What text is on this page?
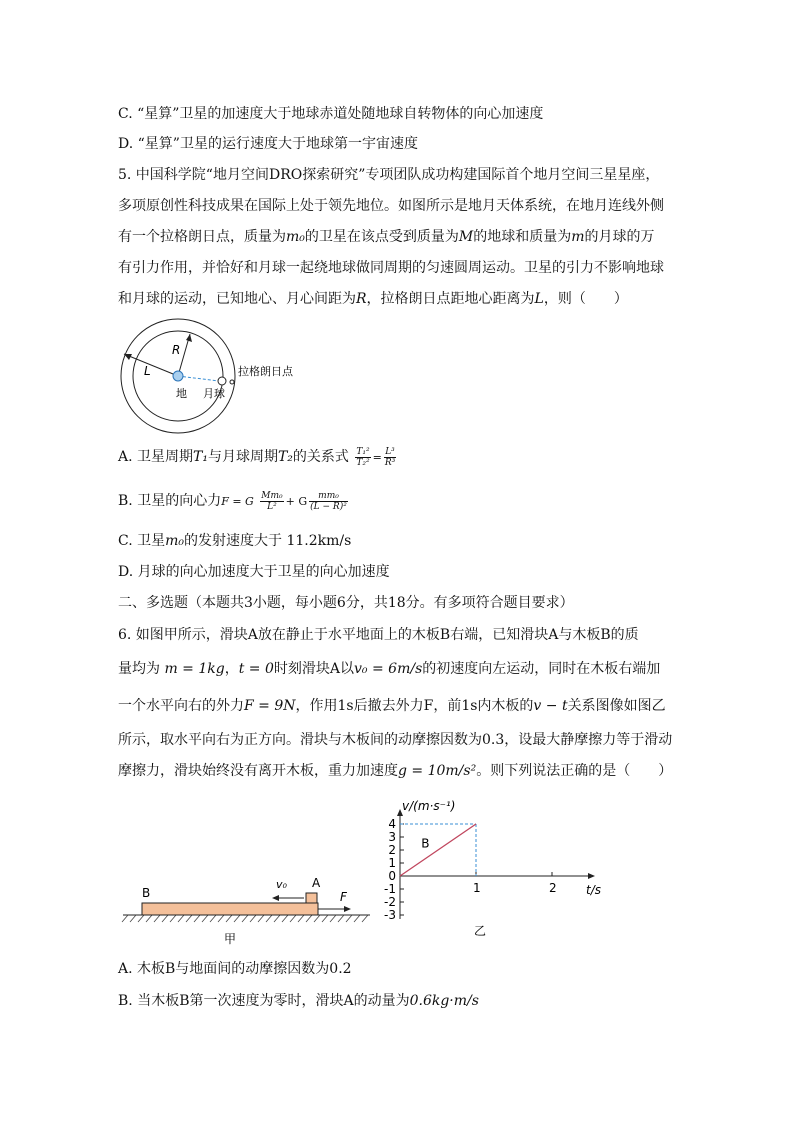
C. “星算”卫星的加速度大于地球赤道处随地球自转物体的向心加速度
D. “星算”卫星的运行速度大于地球第一宇宙速度
5. 中国科学院“地月空间DRO探索研究”专项团队成功构建国际首个地月空间三星星座，
多项原创性科技成果在国际上处于领先地位。如图所示是地月天体系统，在地月连线外侧
有一个拉格朗日点，质量为m₀的卫星在该点受到质量为M的地球和质量为m的月球的万
有引力作用，并恰好和月球一起绕地球做同周期的匀速圆周运动。卫星的引力不影响地球
和月球的运动，已知地心、月心间距为R，拉格朗日点距地心距离为L，则（　　）
R
L
地 月球
拉格朗日点
A. 卫星周期T₁与月球周期T₂的关系式 $\frac{\text{T₁²}}{\text{T₂²}} = \frac{\text{L³}}{\text{R³}}$
B. 卫星的向心力F = G $\frac{\text{Mm₀}}{\text{L²}} + G \frac{\text{mm₀}}{\text{(L − R)²}}$
C. 卫星m₀的发射速度大于 11.2km/s
D. 月球的向心加速度大于卫星的向心加速度
二、多选题（本题共3小题，每小题6分，共18分。有多项符合题目要求）
6. 如图甲所示，滑块A放在静止于水平地面上的木板B右端，已知滑块A与木板B的质
量均为 m = 1kg，t = 0时刻滑块A以v₀ = 6m/s的初速度向左运动，同时在木板右端加
一个水平向右的外力F = 9N，作用1s后撤去外力F，前1s内木板的v − t关系图像如图乙
所示，取水平向右为正方向。滑块与木板间的动摩擦因数为0.3，设最大静摩擦力等于滑动
摩擦力，滑块始终没有离开木板，重力加速度g = 10m/s²。则下列说法正确的是（　　）
B
A
v₀
F
甲
v/(m·s⁻¹)
t/s
4
3
2
1
0
-1
-2
-3
1	2
B
乙
A. 木板B与地面间的动摩擦因数为0.2
B. 当木板B第一次速度为零时，滑块A的动量为0.6kg·m/s
